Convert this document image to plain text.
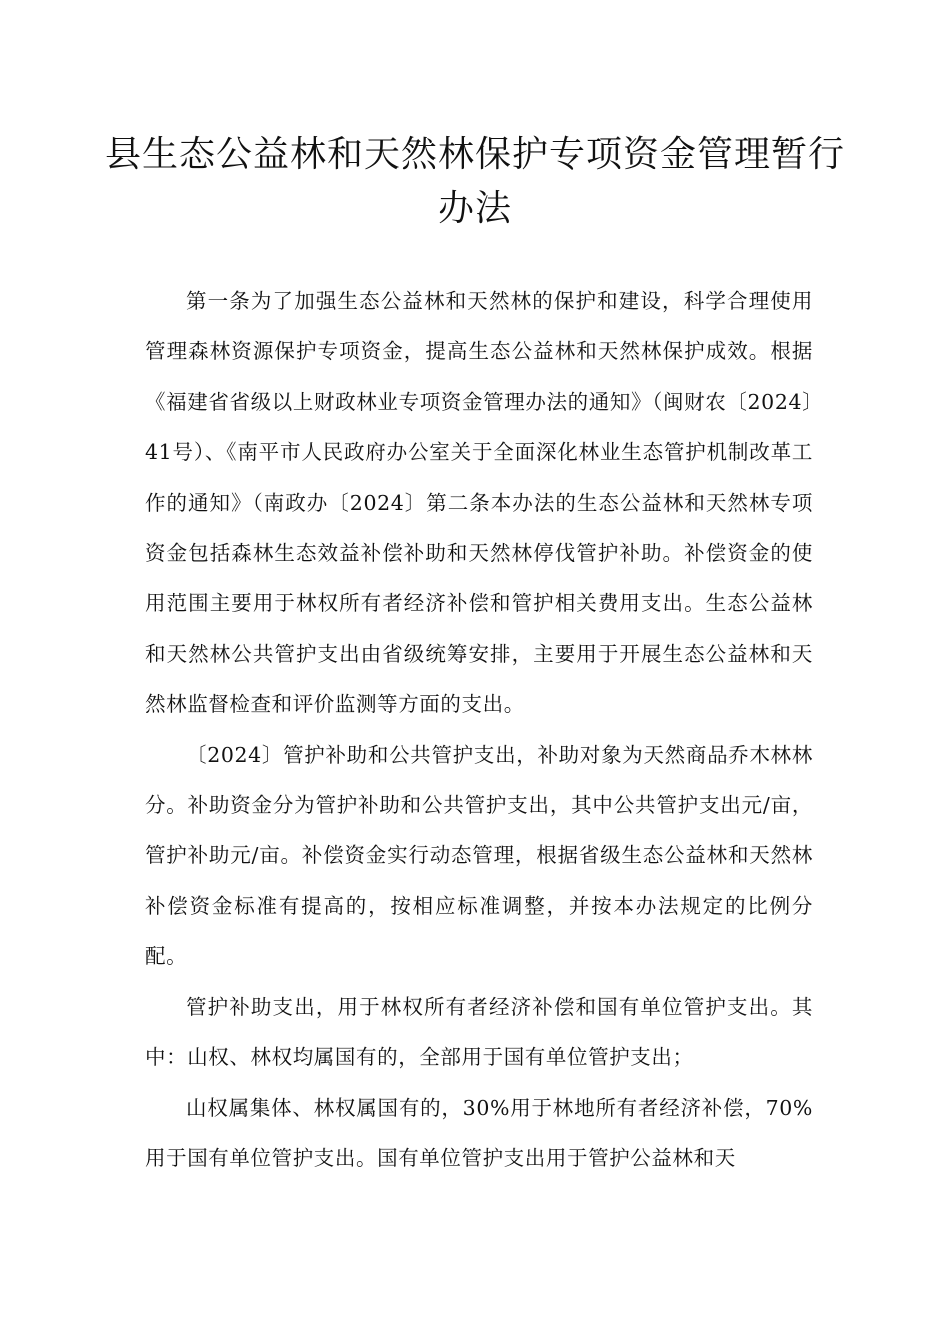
县生态公益林和天然林保护专项资金管理暂行办法

第一条为了加强生态公益林和天然林的保护和建设，科学合理使用管理森林资源保护专项资金，提高生态公益林和天然林保护成效。根据《福建省省级以上财政林业专项资金管理办法的通知》（闽财农〔2024〕41号）、《南平市人民政府办公室关于全面深化林业生态管护机制改革工作的通知》（南政办〔2024〕第二条本办法的生态公益林和天然林专项资金包括森林生态效益补偿补助和天然林停伐管护补助。补偿资金的使用范围主要用于林权所有者经济补偿和管护相关费用支出。生态公益林和天然林公共管护支出由省级统筹安排，主要用于开展生态公益林和天然林监督检查和评价监测等方面的支出。

〔2024〕管护补助和公共管护支出，补助对象为天然商品乔木林林分。补助资金分为管护补助和公共管护支出，其中公共管护支出元/亩，管护补助元/亩。补偿资金实行动态管理，根据省级生态公益林和天然林补偿资金标准有提高的，按相应标准调整，并按本办法规定的比例分配。

管护补助支出，用于林权所有者经济补偿和国有单位管护支出。其中：山权、林权均属国有的，全部用于国有单位管护支出；

山权属集体、林权属国有的，30%用于林地所有者经济补偿，70%用于国有单位管护支出。国有单位管护支出用于管护公益林和天
